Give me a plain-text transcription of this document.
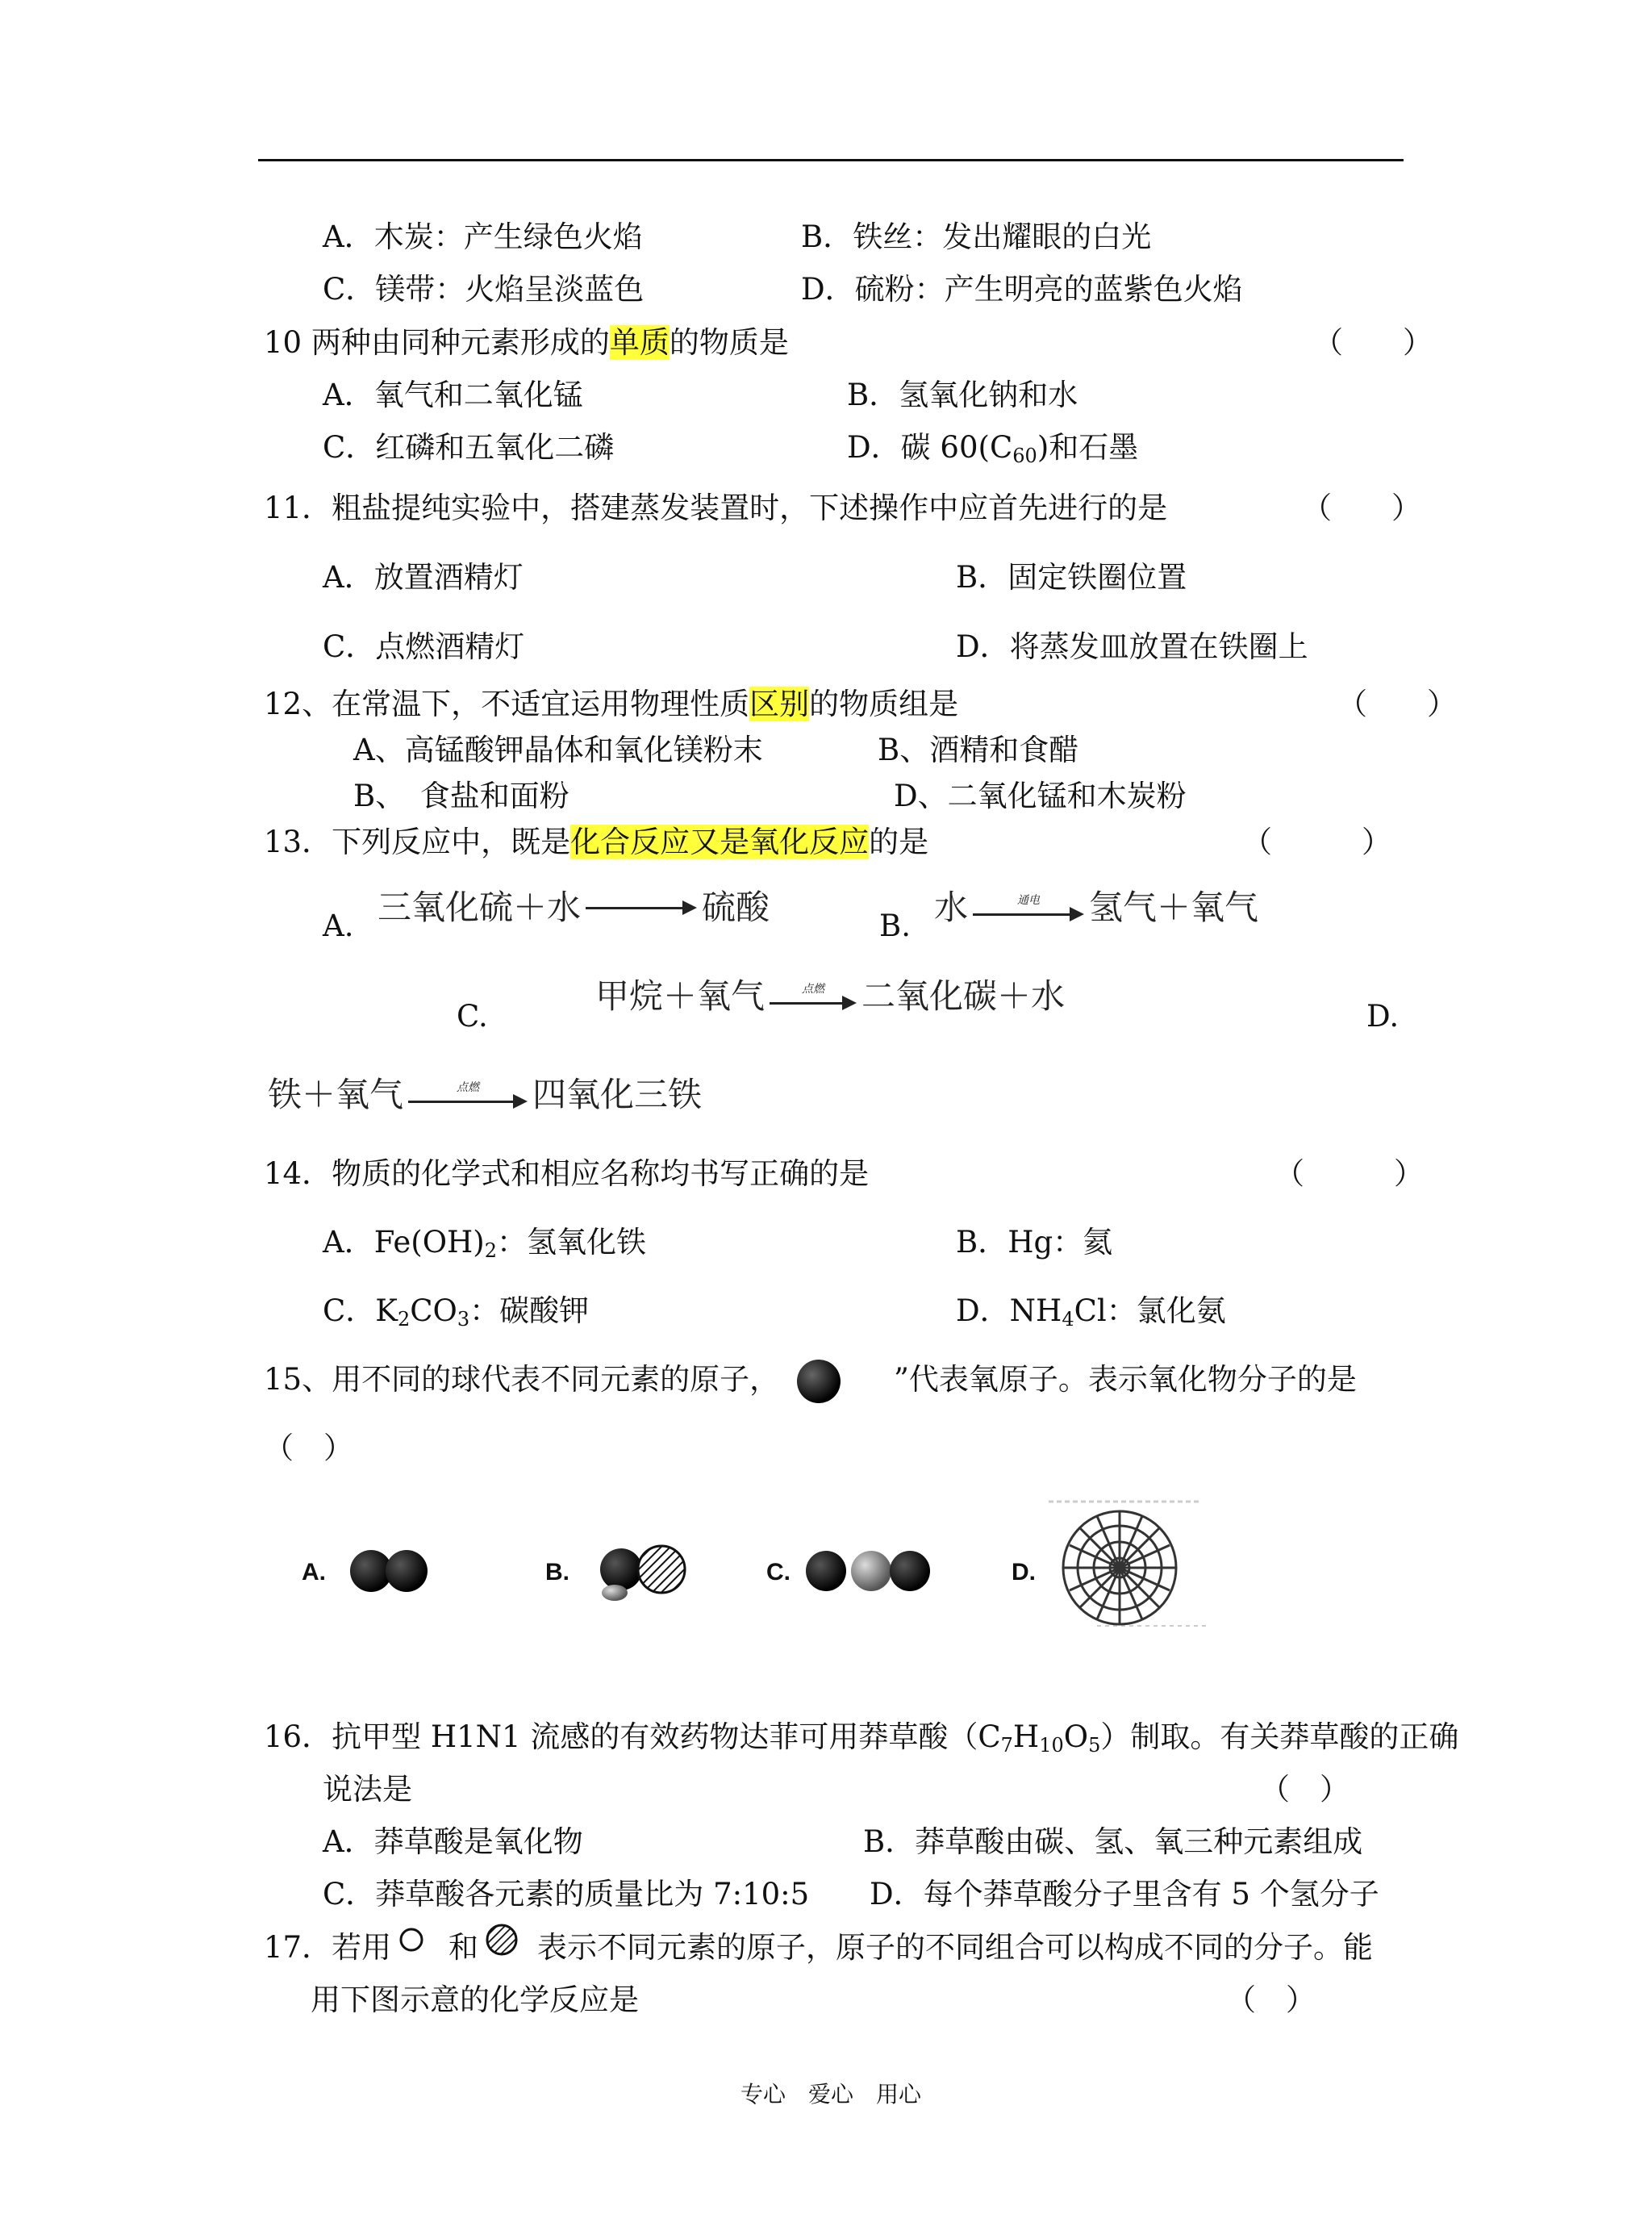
A．木炭：产生绿色火焰	B．铁丝：发出耀眼的白光
C．镁带：火焰呈淡蓝色	D．硫粉：产生明亮的蓝紫色火焰
10 两种由同种元素形成的单质的物质是	（　　）
A．氧气和二氧化锰	B．氢氧化钠和水
C．红磷和五氧化二磷	D．碳 $60(C_{60})$和石墨
11．粗盐提纯实验中，搭建蒸发装置时，下述操作中应首先进行的是	（　　）
A．放置酒精灯	B．固定铁圈位置
C．点燃酒精灯	D．将蒸发皿放置在铁圈上
12、在常温下，不适宜运用物理性质区别的物质组是	（　　）
A、高锰酸钾晶体和氧化镁粉末	B、酒精和食醋
B、　食盐和面粉	D、二氧化锰和木炭粉
13．下列反应中，既是化合反应又是氧化反应的是	（　　　）
A. 三氧化硫＋水	硫酸	B. 水	通电 氢气＋氧气
C.
甲烷＋氧气	点燃 二氧化碳＋水
D.
铁＋氧气	点燃 四氧化三铁
14．物质的化学式和相应名称均书写正确的是	（　　　）
A．$Fe(OH)_2$：氢氧化铁	B．Hg：氦
C．$K_2CO_3$：碳酸钾	D．$NH_4Cl$：氯化氨
15、用不同的球代表不同元素的原子，	”代表氧原子。表示氧化物分子的是
（　）
A.	B.	C.	D.
16．抗甲型 H1N1 流感的有效药物达菲可用莽草酸$(C_7H_{10}O_5)$制取。有关莽草酸的正确
说法是	（　）
A．莽草酸是氧化物	B．莽草酸由碳、氢、氧三种元素组成
C．莽草酸各元素的质量比为 7:10:5 D．每个莽草酸分子里含有 5 个氢分子
17．若用 和 表示不同元素的原子，原子的不同组合可以构成不同的分子。能
用下图示意的化学反应是	（　）
专心　爱心　用心
